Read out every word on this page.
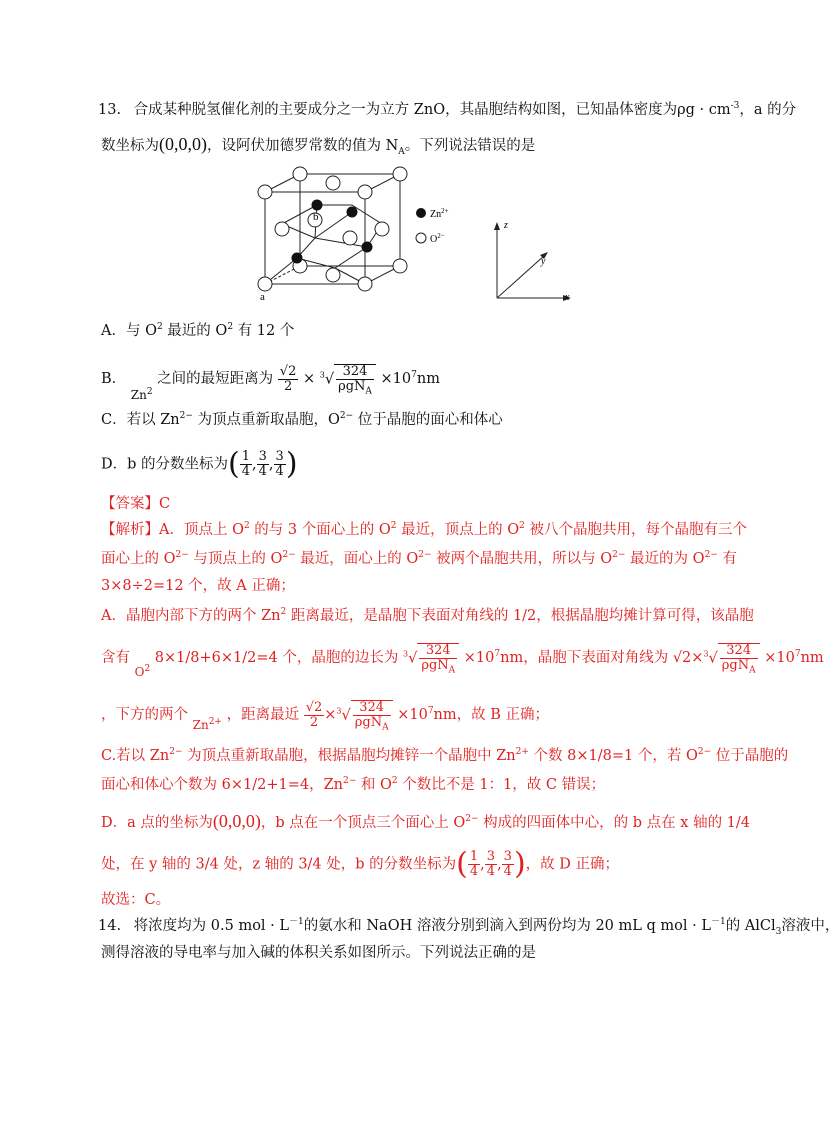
13. 合成某种脱氢催化剂的主要成分之一为立方 ZnO，其晶胞结构如图，已知晶体密度为$\rho g \cdot cm^{-3}$，a 的分
数坐标为(0,0,0)，设阿伏加德罗常数的值为 $N_A$。下列说法错误的是
a
b	$Zn^{2+}$
$O^{2-}$
z
y
x
A．与 $O^2$ 最近的 $O^2$ 有 12 个
B． $_{Zn^2}$ 之间的最短距离为 $\frac{√2}{2} \times ^3√ \frac{324}{\rho gN_A} \times 10^7nm$
C．若以 $Zn^{2-}$ 为顶点重新取晶胞，$O^{2-}$ 位于晶胞的面心和体心
D．b 的分数坐标为( $\frac{1}{4}$ , $\frac{3}{4}$ , $\frac{3}{4}$ )
【答案】C
【解析】A．顶点上 $O^2$ 的与 3 个面心上的 $O^2$ 最近，顶点上的 $O^2$ 被八个晶胞共用，每个晶胞有三个
面心上的 $O^{2-}$ 与顶点上的 $O^{2-}$ 最近，面心上的 $O^{2-}$ 被两个晶胞共用，所以与 $O^{2-}$ 最近的为 $O^{2-}$ 有
3×8÷2=12 个，故 A 正确；
A．晶胞内部下方的两个 Zn$^2$ 距离最近，是晶胞下表面对角线的 1/2，根据晶胞均摊计算可得，该晶胞
含有 $_{O^2}$ 8×1/8+6×1/2=4 个，晶胞的边长为 $^3√ \frac{324}{\rho gN_A} \times 10^7nm$，晶胞下表面对角线为 $√2\times^3√ \frac{324}{\rho gN_A} \times 10^7nm$
，下方的两个 $_{Zn^{2+}}$ ，距离最近 $\frac{√2}{2} \times^3√ \frac{324}{\rho gN_A} \times 10^7nm$，故 B 正确；
C.若以 $Zn^{2-}$ 为顶点重新取晶胞，根据晶胞均摊锌一个晶胞中 $Zn^{2+}$ 个数 8×1/8=1 个，若 $O^{2-}$ 位于晶胞的
面心和体心个数为 6×1/2+1=4，$Zn^{2-}$ 和 $O^2$ 个数比不是 1：1，故 C 错误；
D．a 点的坐标为(0,0,0)，b 点在一个顶点三个面心上 $O^{2-}$ 构成的四面体中心，的 b 点在 x 轴的 1/4
处，在 y 轴的 3/4 处，z 轴的 3/4 处，b 的分数坐标为( $\frac{1}{4}$ , $\frac{3}{4}$ , $\frac{3}{4}$ )，故 D 正确；
故选：C。
14. 将浓度均为 0.5 mol · $L^{-1}$的氨水和 NaOH 溶液分别到滴入到两份均为 20 mL q mol · $L^{-1}$的 AlCl$_3$溶液中，
测得溶液的导电率与加入碱的体积关系如图所示。下列说法正确的是
